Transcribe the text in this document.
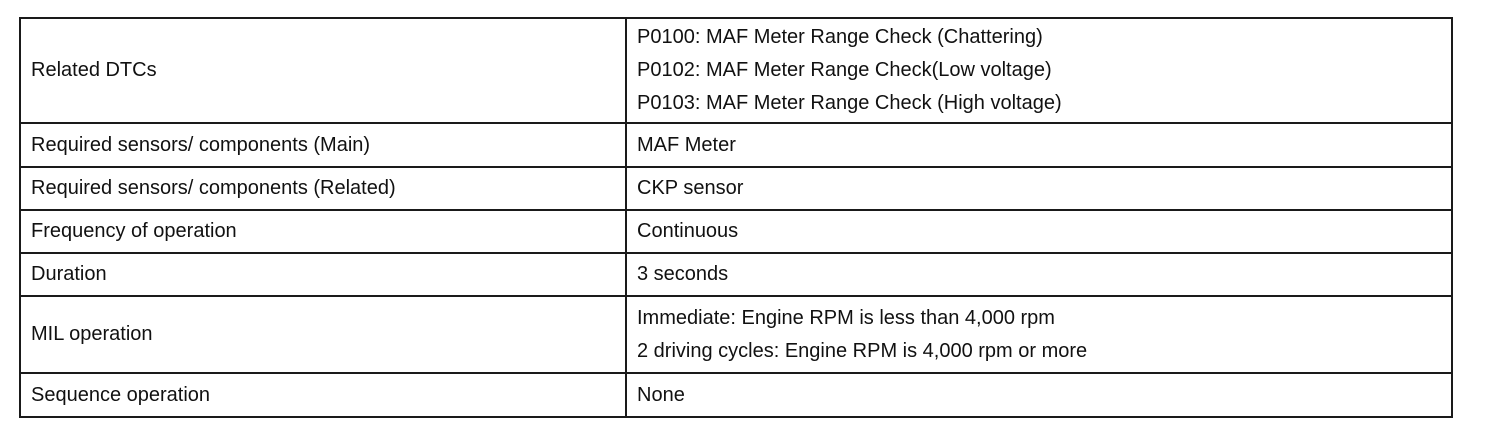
Related DTCs	P0100: MAF Meter Range Check (Chattering)
P0102: MAF Meter Range Check(Low voltage)
P0103: MAF Meter Range Check (High voltage)

Required sensors/ components (Main)	MAF Meter
Required sensors/ components (Related)	CKP sensor
Frequency of operation	Continuous
Duration	3 seconds
MIL operation	Immediate: Engine RPM is less than 4,000 rpm
2 driving cycles: Engine RPM is 4,000 rpm or more

Sequence operation	None
